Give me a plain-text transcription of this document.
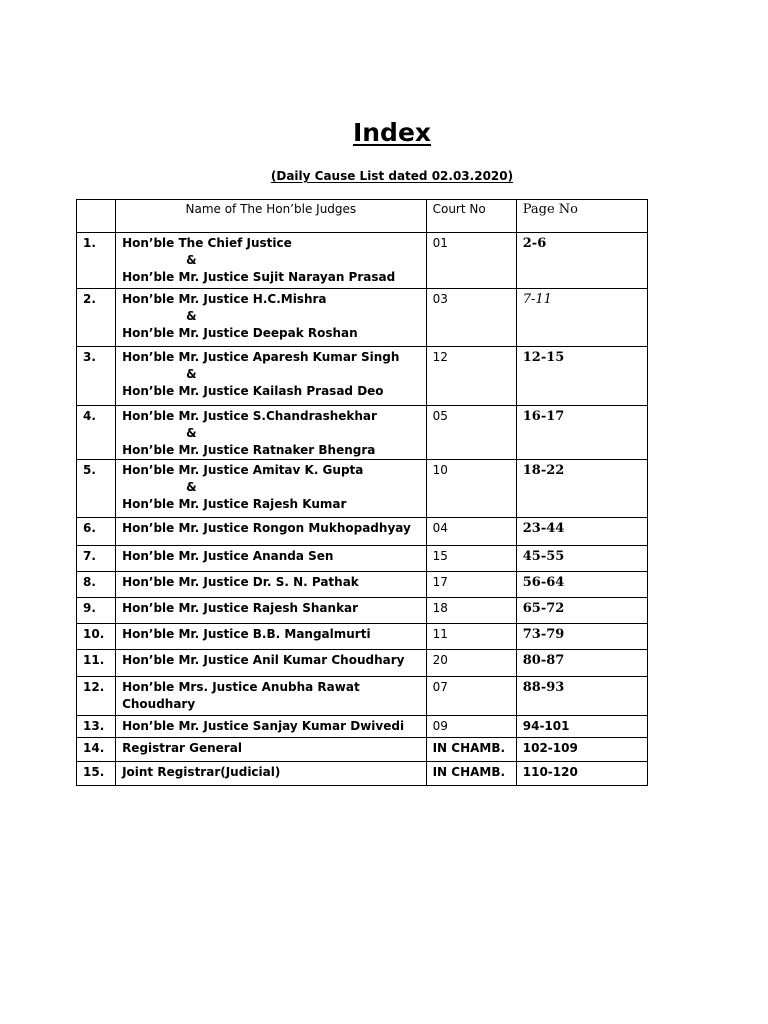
Index
(Daily Cause List dated 02.03.2020)
	Name of The Hon’ble Judges	Court No	Page No
1.	Hon’ble The Chief Justice
&
Hon’ble Mr. Justice Sujit Narayan Prasad	01	2-6
2.	Hon’ble Mr. Justice H.C.Mishra
&
Hon’ble Mr. Justice Deepak Roshan	03	7-11
3.	Hon’ble Mr. Justice Aparesh Kumar Singh
&
Hon’ble Mr. Justice Kailash Prasad Deo	12	12-15
4.	Hon’ble Mr. Justice S.Chandrashekhar
&
Hon’ble Mr. Justice Ratnaker Bhengra	05	16-17
5.	Hon’ble Mr. Justice Amitav K. Gupta
&
Hon’ble Mr. Justice Rajesh Kumar	10	18-22
6.	Hon’ble Mr. Justice Rongon Mukhopadhyay	04	23-44
7.	Hon’ble Mr. Justice Ananda Sen	15	45-55
8.	Hon’ble Mr. Justice Dr. S. N. Pathak	17	56-64
9.	Hon’ble Mr. Justice Rajesh Shankar	18	65-72
10.	Hon’ble Mr. Justice B.B. Mangalmurti	11	73-79
11.	Hon’ble Mr. Justice Anil Kumar Choudhary	20	80-87
12.	Hon’ble Mrs. Justice Anubha Rawat Choudhary	07	88-93
13.	Hon’ble Mr. Justice Sanjay Kumar Dwivedi	09	94-101
14.	Registrar General	IN CHAMB.	102-109
15.	Joint Registrar(Judicial)	IN CHAMB.	110-120
